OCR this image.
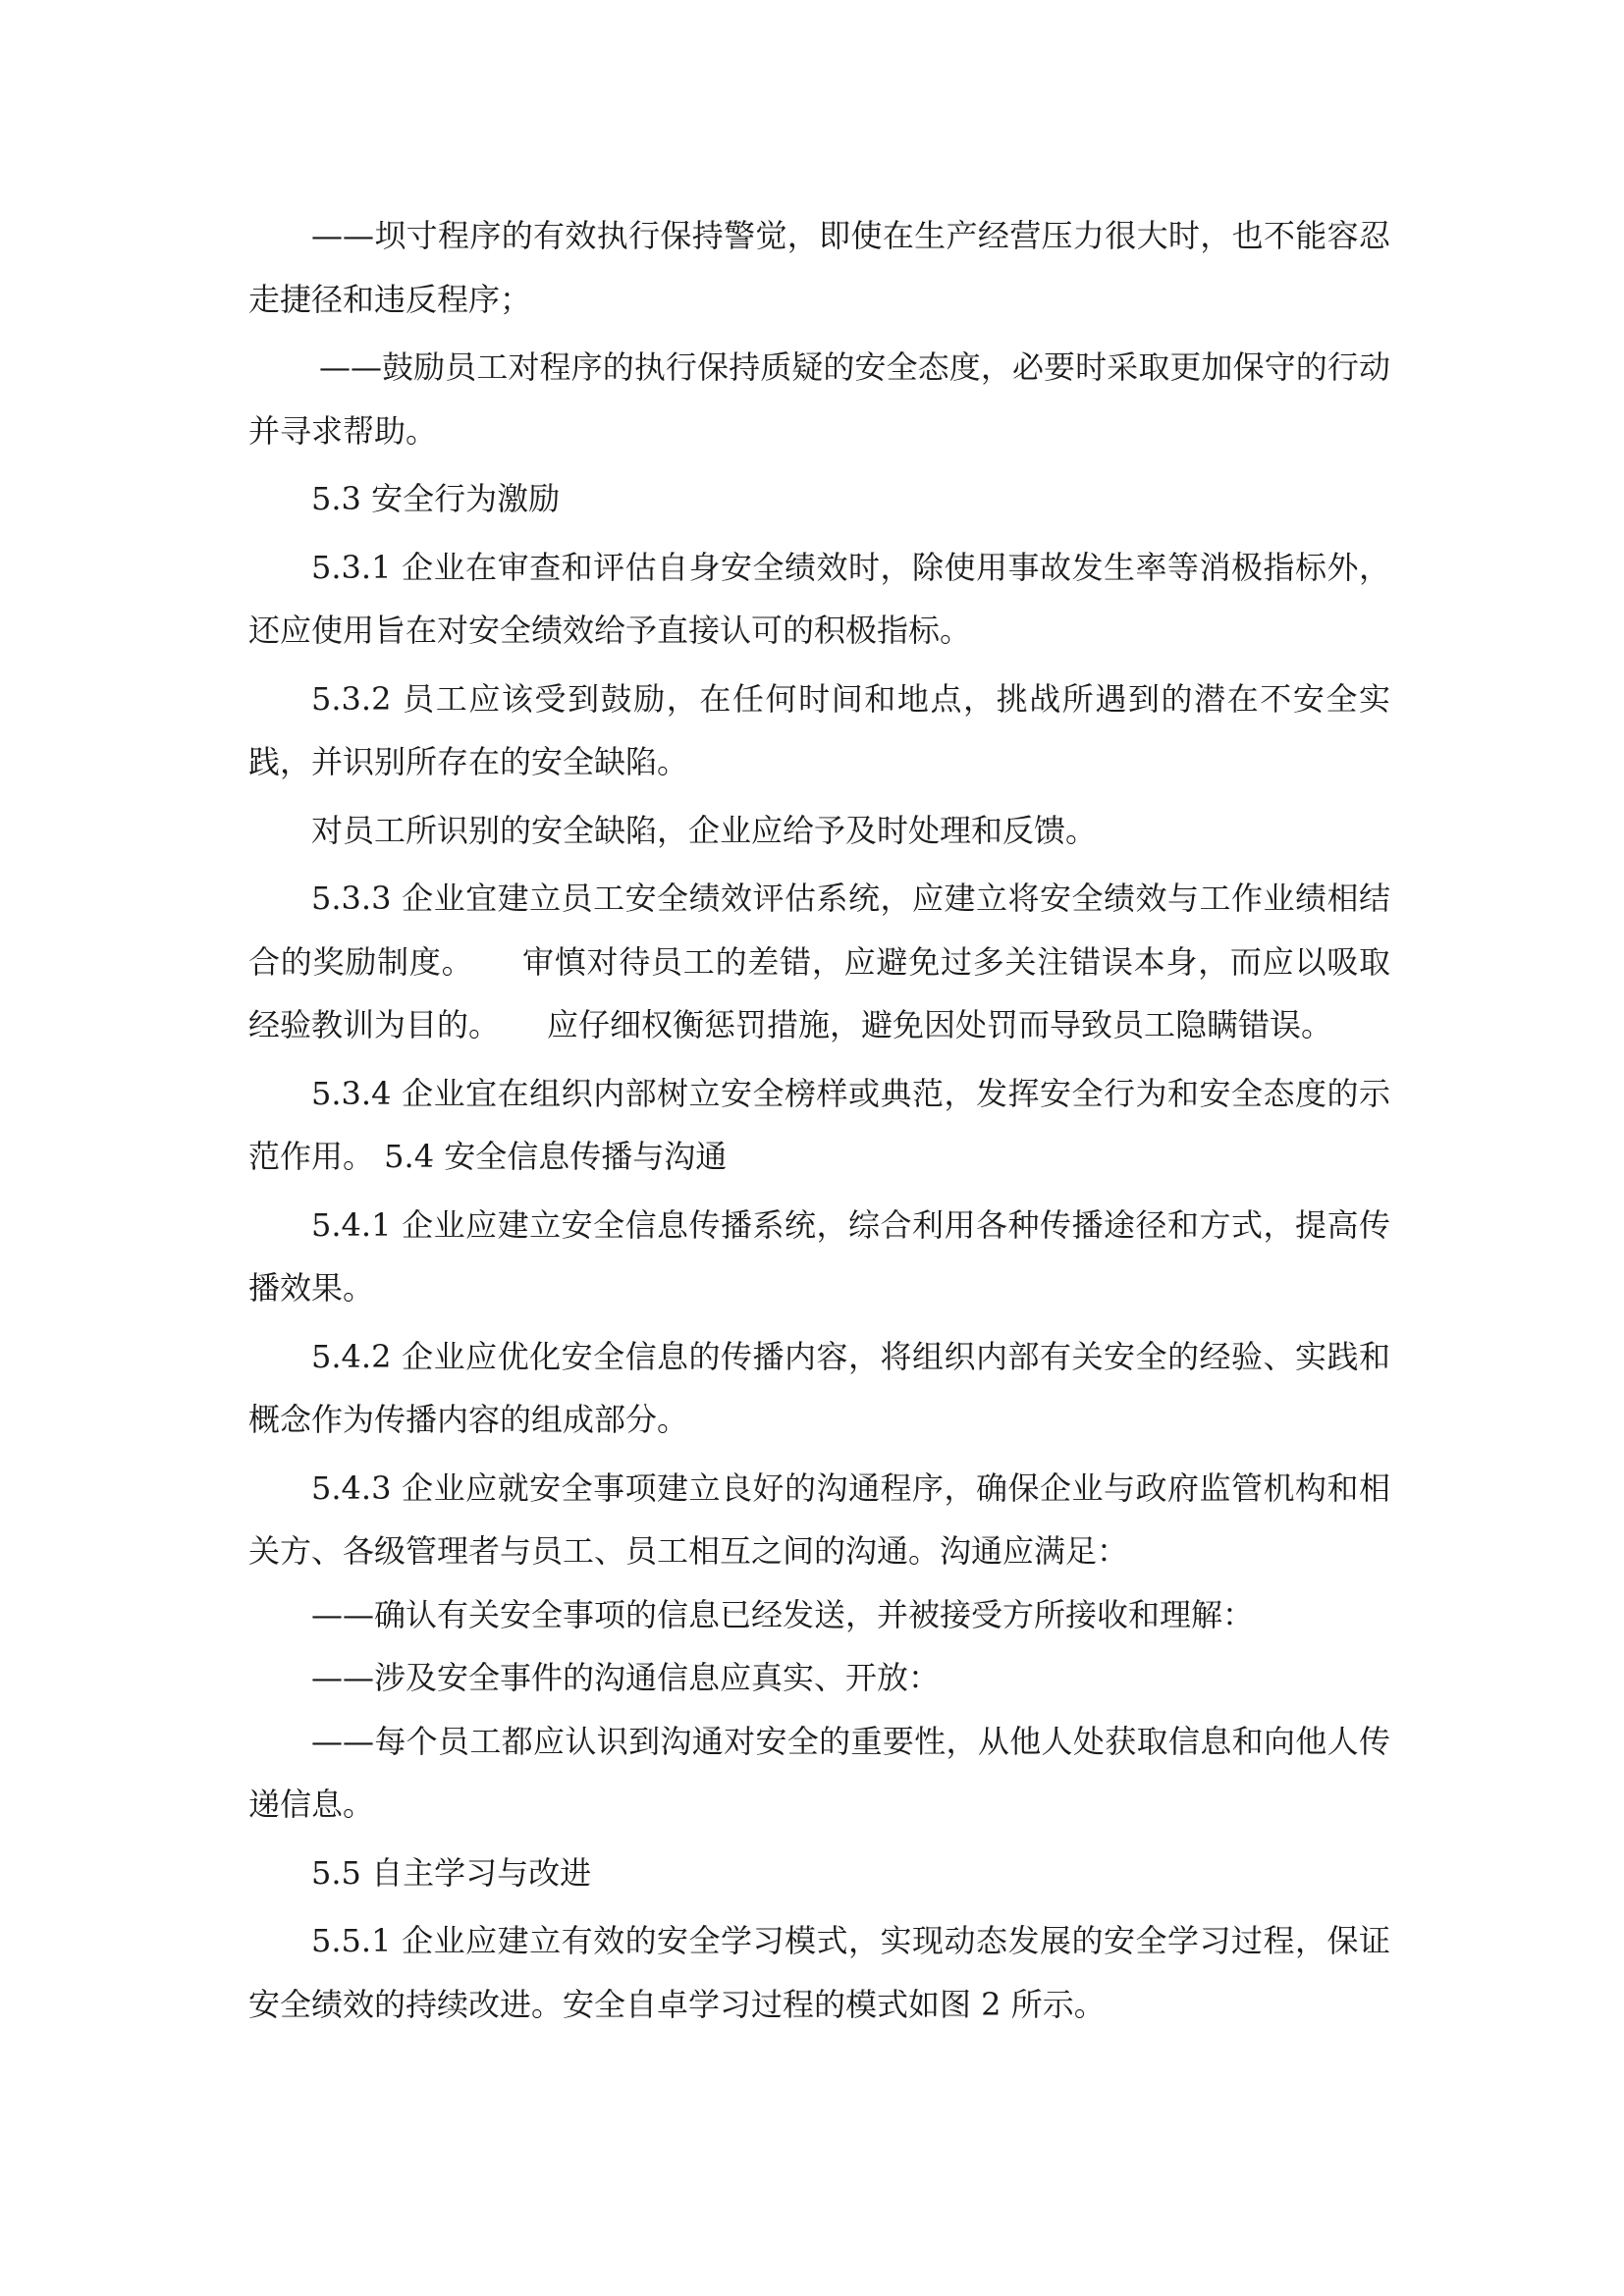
——坝寸程序的有效执行保持警觉，即使在生产经营压力很大时，也不能容忍走捷径和违反程序；

——鼓励员工对程序的执行保持质疑的安全态度，必要时采取更加保守的行动并寻求帮助。

5.3 安全行为激励

5.3.1 企业在审查和评估自身安全绩效时，除使用事故发生率等消极指标外，还应使用旨在对安全绩效给予直接认可的积极指标。

5.3.2 员工应该受到鼓励，在任何时间和地点，挑战所遇到的潜在不安全实践，并识别所存在的安全缺陷。

对员工所识别的安全缺陷，企业应给予及时处理和反馈。

5.3.3 企业宜建立员工安全绩效评估系统，应建立将安全绩效与工作业绩相结合的奖励制度。　　审慎对待员工的差错，应避免过多关注错误本身，而应以吸取经验教训为目的。　　应仔细权衡惩罚措施，避免因处罚而导致员工隐瞒错误。

5.3.4 企业宜在组织内部树立安全榜样或典范，发挥安全行为和安全态度的示范作用。 5.4 安全信息传播与沟通

5.4.1 企业应建立安全信息传播系统，综合利用各种传播途径和方式，提高传播效果。

5.4.2 企业应优化安全信息的传播内容，将组织内部有关安全的经验、实践和概念作为传播内容的组成部分。

5.4.3 企业应就安全事项建立良好的沟通程序，确保企业与政府监管机构和相关方、各级管理者与员工、员工相互之间的沟通。沟通应满足：

——确认有关安全事项的信息已经发送，并被接受方所接收和理解：

——涉及安全事件的沟通信息应真实、开放：

——每个员工都应认识到沟通对安全的重要性，从他人处获取信息和向他人传递信息。

5.5 自主学习与改进

5.5.1 企业应建立有效的安全学习模式，实现动态发展的安全学习过程，保证安全绩效的持续改进。安全自卓学习过程的模式如图 2 所示。
